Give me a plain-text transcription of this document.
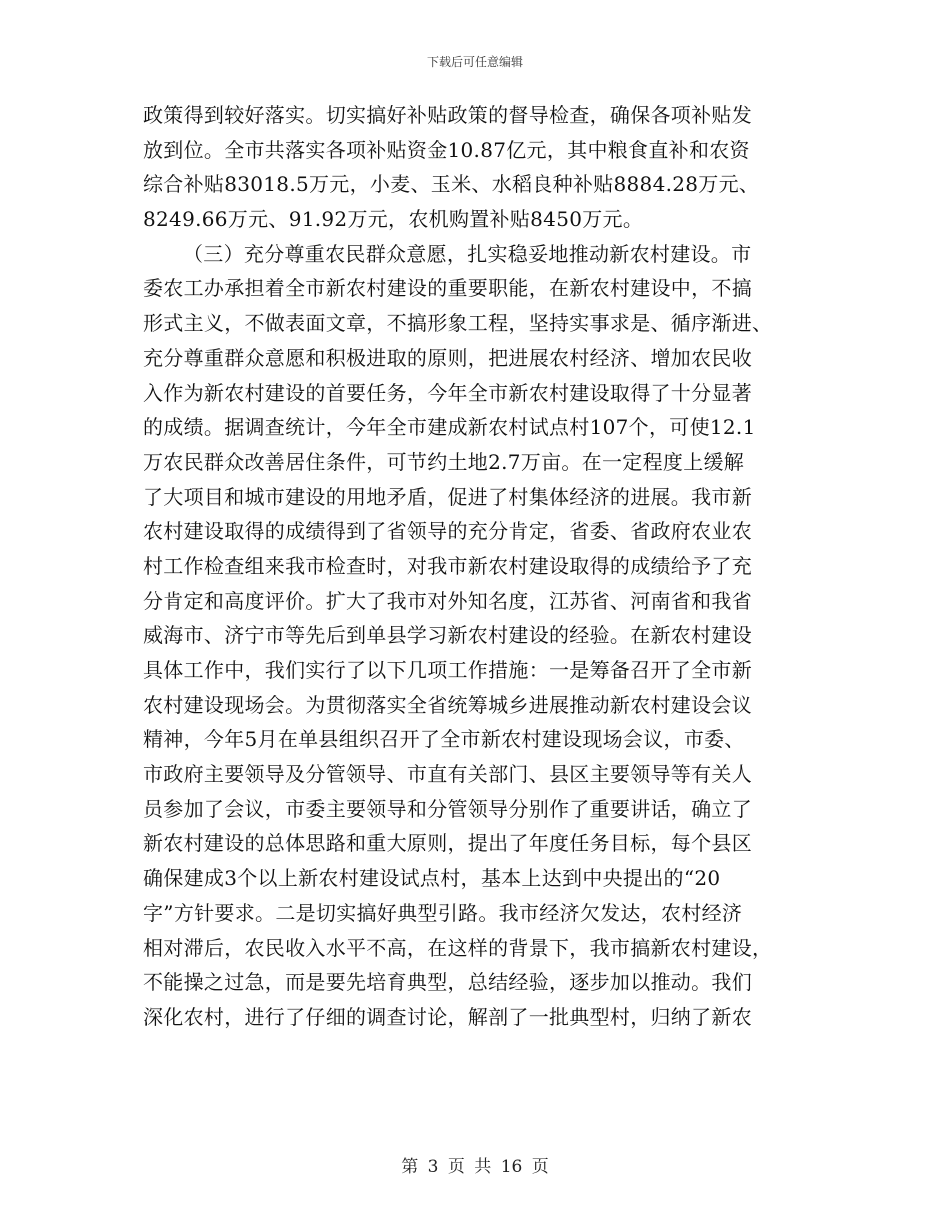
下载后可任意编辑
政策得到较好落实。切实搞好补贴政策的督导检查，确保各项补贴发
放到位。全市共落实各项补贴资金10.87亿元，其中粮食直补和农资
综合补贴83018.5万元，小麦、玉米、水稻良种补贴8884.28万元、
8249.66万元、91.92万元，农机购置补贴8450万元。
（三）充分尊重农民群众意愿，扎实稳妥地推动新农村建设。市
委农工办承担着全市新农村建设的重要职能，在新农村建设中，不搞
形式主义，不做表面文章，不搞形象工程，坚持实事求是、循序渐进、
充分尊重群众意愿和积极进取的原则，把进展农村经济、增加农民收
入作为新农村建设的首要任务，今年全市新农村建设取得了十分显著
的成绩。据调查统计，今年全市建成新农村试点村107个，可使12.1
万农民群众改善居住条件，可节约土地2.7万亩。在一定程度上缓解
了大项目和城市建设的用地矛盾，促进了村集体经济的进展。我市新
农村建设取得的成绩得到了省领导的充分肯定，省委、省政府农业农
村工作检查组来我市检查时，对我市新农村建设取得的成绩给予了充
分肯定和高度评价。扩大了我市对外知名度，江苏省、河南省和我省
威海市、济宁市等先后到单县学习新农村建设的经验。在新农村建设
具体工作中，我们实行了以下几项工作措施：一是筹备召开了全市新
农村建设现场会。为贯彻落实全省统筹城乡进展推动新农村建设会议
精神，今年5月在单县组织召开了全市新农村建设现场会议，市委、
市政府主要领导及分管领导、市直有关部门、县区主要领导等有关人
员参加了会议，市委主要领导和分管领导分别作了重要讲话，确立了
新农村建设的总体思路和重大原则，提出了年度任务目标，每个县区
确保建成3个以上新农村建设试点村，基本上达到中央提出的“20
字”方针要求。二是切实搞好典型引路。我市经济欠发达，农村经济
相对滞后，农民收入水平不高，在这样的背景下，我市搞新农村建设，
不能操之过急，而是要先培育典型，总结经验，逐步加以推动。我们
深化农村，进行了仔细的调查讨论，解剖了一批典型村，归纳了新农
第 3 页 共 16 页
